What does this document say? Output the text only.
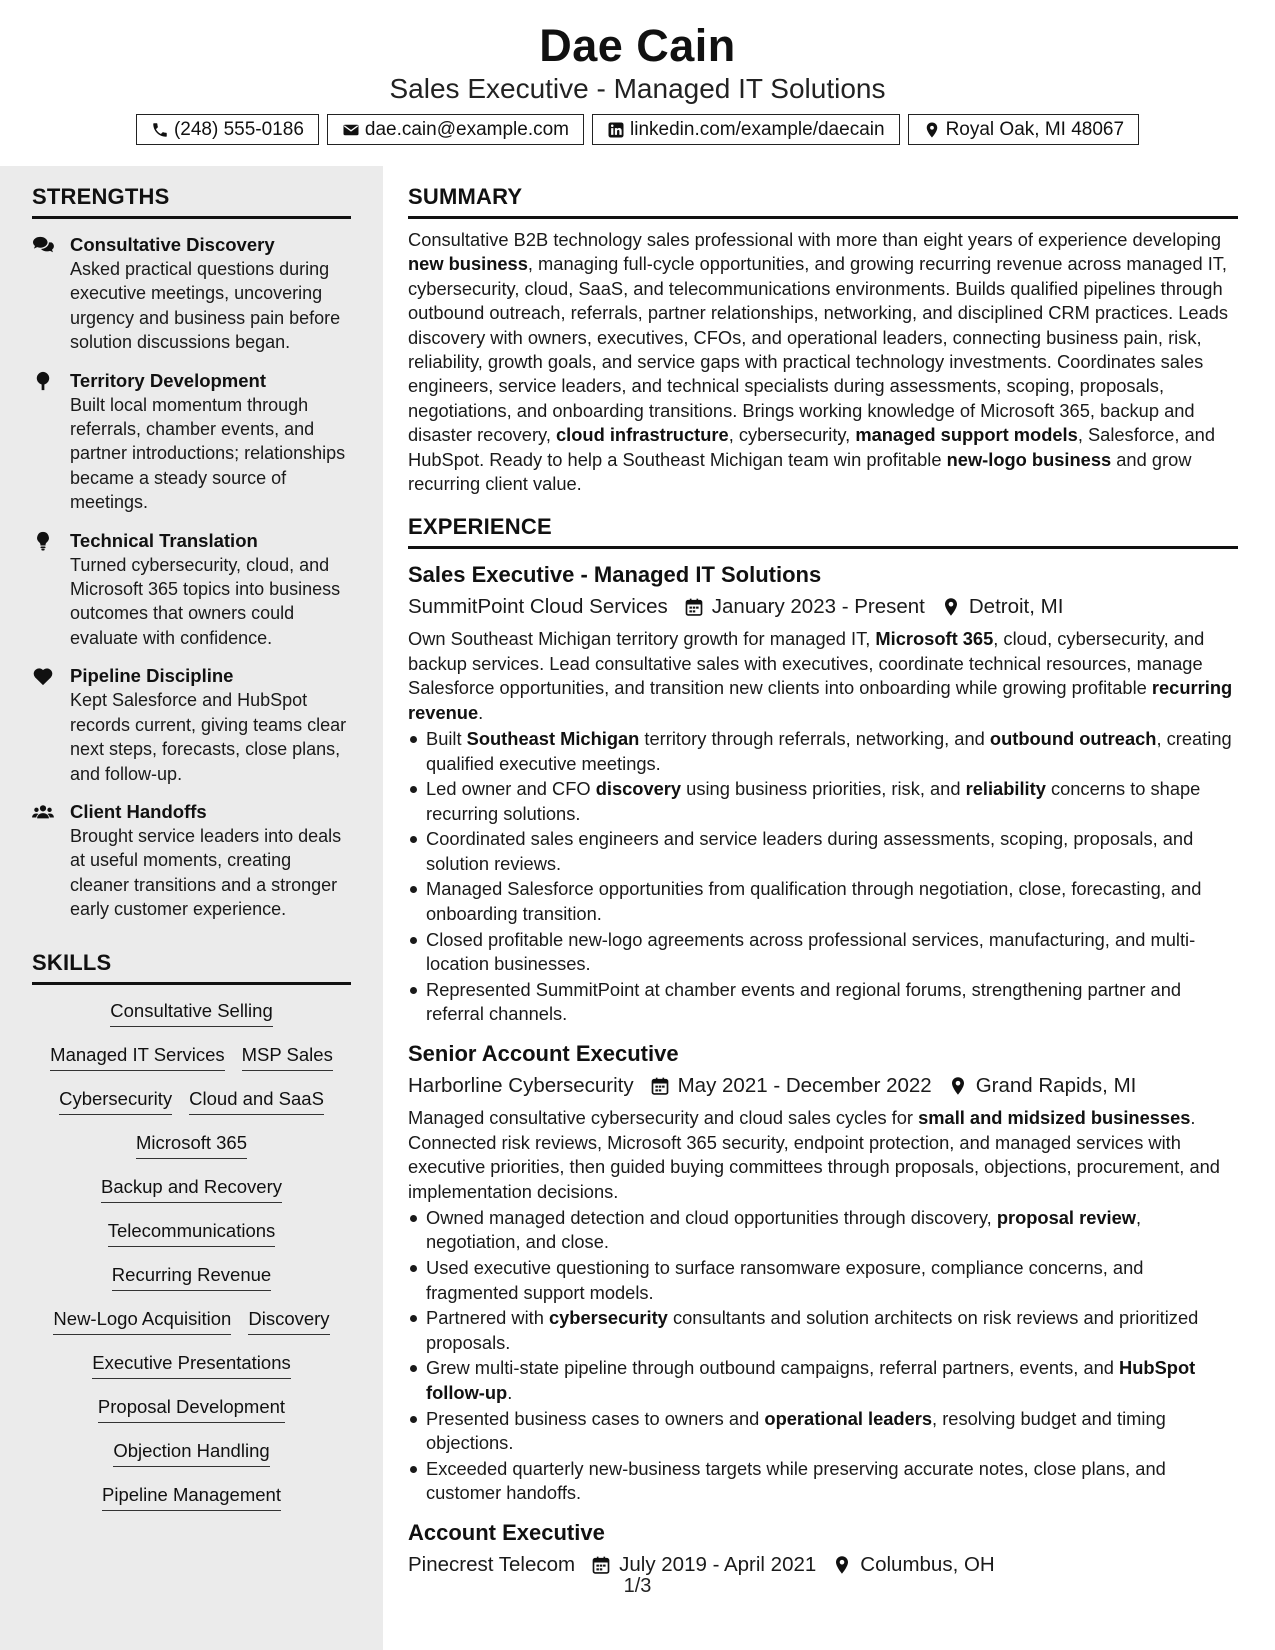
Dae Cain
Sales Executive - Managed IT Solutions
(248) 555-0186	dae.cain@example.com	linkedin.com/example/daecain	Royal Oak, MI 48067
STRENGTHS
Consultative Discovery
Asked practical questions during executive meetings, uncovering urgency and business pain before solution discussions began.
Territory Development
Built local momentum through referrals, chamber events, and partner introductions; relationships became a steady source of meetings.
Technical Translation
Turned cybersecurity, cloud, and Microsoft 365 topics into business outcomes that owners could evaluate with confidence.
Pipeline Discipline
Kept Salesforce and HubSpot records current, giving teams clear next steps, forecasts, close plans, and follow-up.
Client Handoffs
Brought service leaders into deals at useful moments, creating cleaner transitions and a stronger early customer experience.
SKILLS
Consultative Selling
Managed IT Services MSP Sales
Cybersecurity Cloud and SaaS
Microsoft 365
Backup and Recovery
Telecommunications
Recurring Revenue
New-Logo Acquisition Discovery
Executive Presentations
Proposal Development
Objection Handling
Pipeline Management
SUMMARY
Consultative B2B technology sales professional with more than eight years of experience developing new business, managing full-cycle opportunities, and growing recurring revenue across managed IT, cybersecurity, cloud, SaaS, and telecommunications environments. Builds qualified pipelines through outbound outreach, referrals, partner relationships, networking, and disciplined CRM practices. Leads discovery with owners, executives, CFOs, and operational leaders, connecting business pain, risk, reliability, growth goals, and service gaps with practical technology investments. Coordinates sales engineers, service leaders, and technical specialists during assessments, scoping, proposals, negotiations, and onboarding transitions. Brings working knowledge of Microsoft 365, backup and disaster recovery, cloud infrastructure, cybersecurity, managed support models, Salesforce, and HubSpot. Ready to help a Southeast Michigan team win profitable new-logo business and grow recurring client value.
EXPERIENCE
Sales Executive - Managed IT Solutions
SummitPoint Cloud Services January 2023 - Present Detroit, MI
Own Southeast Michigan territory growth for managed IT, Microsoft 365, cloud, cybersecurity, and backup services. Lead consultative sales with executives, coordinate technical resources, manage Salesforce opportunities, and transition new clients into onboarding while growing profitable recurring revenue.
Built Southeast Michigan territory through referrals, networking, and outbound outreach, creating qualified executive meetings.
Led owner and CFO discovery using business priorities, risk, and reliability concerns to shape recurring solutions.
Coordinated sales engineers and service leaders during assessments, scoping, proposals, and solution reviews.
Managed Salesforce opportunities from qualification through negotiation, close, forecasting, and onboarding transition.
Closed profitable new-logo agreements across professional services, manufacturing, and multi-location businesses.
Represented SummitPoint at chamber events and regional forums, strengthening partner and referral channels.
Senior Account Executive
Harborline Cybersecurity May 2021 - December 2022 Grand Rapids, MI
Managed consultative cybersecurity and cloud sales cycles for small and midsized businesses. Connected risk reviews, Microsoft 365 security, endpoint protection, and managed services with executive priorities, then guided buying committees through proposals, objections, procurement, and implementation decisions.
Owned managed detection and cloud opportunities through discovery, proposal review, negotiation, and close.
Used executive questioning to surface ransomware exposure, compliance concerns, and fragmented support models.
Partnered with cybersecurity consultants and solution architects on risk reviews and prioritized proposals.
Grew multi-state pipeline through outbound campaigns, referral partners, events, and HubSpot follow-up.
Presented business cases to owners and operational leaders, resolving budget and timing objections.
Exceeded quarterly new-business targets while preserving accurate notes, close plans, and customer handoffs.
Account Executive
Pinecrest Telecom July 2019 - April 2021 Columbus, OH
1/3
